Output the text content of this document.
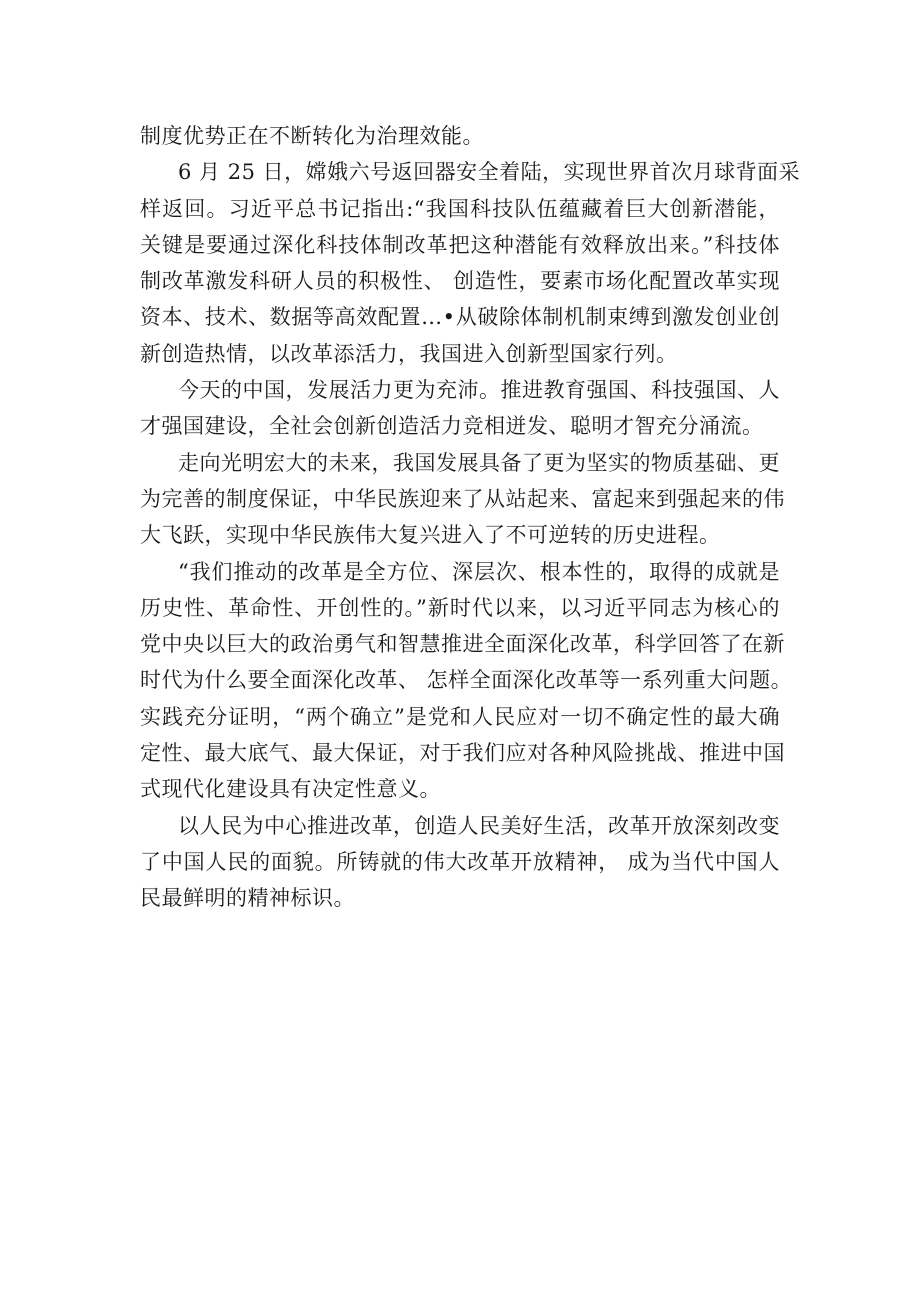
制度优势正在不断转化为治理效能。
6 月 25 日，嫦娥六号返回器安全着陆，实现世界首次月球背面采
样返回。习近平总书记指出:“我国科技队伍蕴藏着巨大创新潜能，
关键是要通过深化科技体制改革把这种潜能有效释放出来。”科技体
制改革激发科研人员的积极性、 创造性，要素市场化配置改革实现
资本、技术、数据等高效配置…•从破除体制机制束缚到激发创业创
新创造热情，以改革添活力，我国进入创新型国家行列。
今天的中国，发展活力更为充沛。推进教育强国、科技强国、人
才强国建设，全社会创新创造活力竞相迸发、聪明才智充分涌流。
走向光明宏大的未来，我国发展具备了更为坚实的物质基础、更
为完善的制度保证，中华民族迎来了从站起来、富起来到强起来的伟
大飞跃，实现中华民族伟大复兴进入了不可逆转的历史进程。
“我们推动的改革是全方位、深层次、根本性的，取得的成就是
历史性、革命性、开创性的。”新时代以来，以习近平同志为核心的
党中央以巨大的政治勇气和智慧推进全面深化改革，科学回答了在新
时代为什么要全面深化改革、 怎样全面深化改革等一系列重大问题。
实践充分证明，“两个确立”是党和人民应对一切不确定性的最大确
定性、最大底气、最大保证，对于我们应对各种风险挑战、推进中国
式现代化建设具有决定性意义。
以人民为中心推进改革，创造人民美好生活，改革开放深刻改变
了中国人民的面貌。所铸就的伟大改革开放精神， 成为当代中国人
民最鲜明的精神标识。
